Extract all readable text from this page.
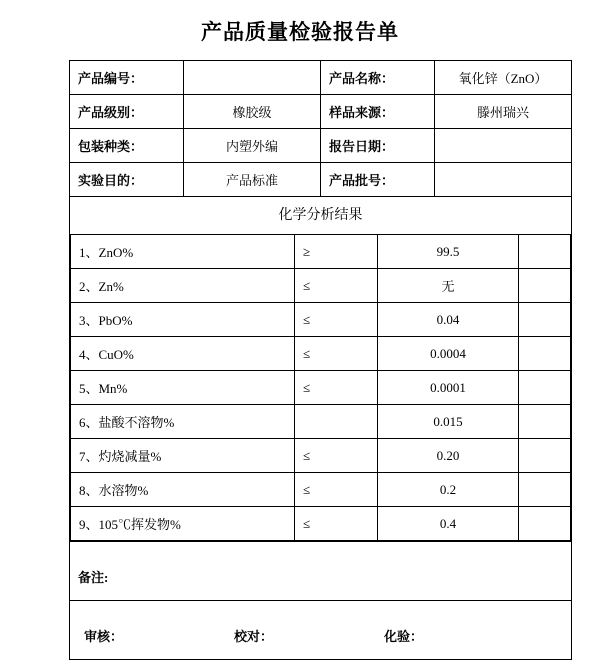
产品质量检验报告单
产品编号：		产品名称：	氧化锌（ZnO）
产品级别：	橡胶级	样品来源：	滕州瑞兴
包装种类：	内塑外编	报告日期：	
实验目的：	产品标准	产品批号：	

化学分析结果
1、ZnO%	≥	99.5	
2、Zn%	≤	无	
3、PbO%	≤	0.04	
4、CuO%	≤	0.0004	
5、Mn%	≤	0.0001	
6、盐酸不溶物%		0.015	
7、灼烧减量%	≤	0.20	
8、水溶物%	≤	0.2	
9、105℃挥发物%	≤	0.4	

备注:

审核：	校对：	化验：
